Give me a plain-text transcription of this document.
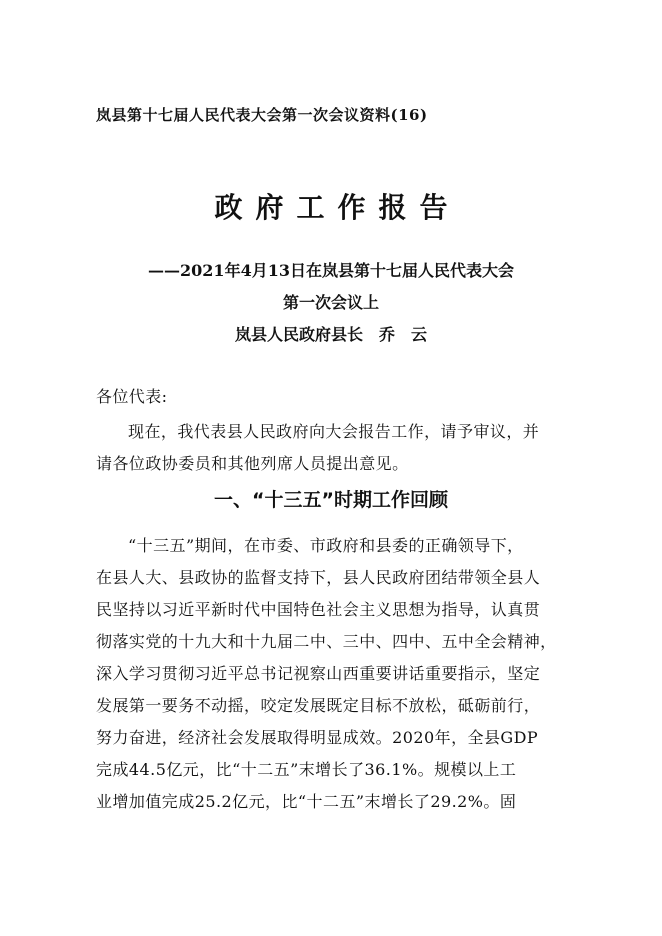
岚县第十七届人民代表大会第一次会议资料(16)
政府工作报告
——2021年4月13日在岚县第十七届人民代表大会
第一次会议上
岚县人民政府县长　乔　云
各位代表:
现在，我代表县人民政府向大会报告工作，请予审议，并
请各位政协委员和其他列席人员提出意见。
一、“十三五”时期工作回顾
“十三五”期间，在市委、市政府和县委的正确领导下，
在县人大、县政协的监督支持下，县人民政府团结带领全县人
民坚持以习近平新时代中国特色社会主义思想为指导，认真贯
彻落实党的十九大和十九届二中、三中、四中、五中全会精神，
深入学习贯彻习近平总书记视察山西重要讲话重要指示，坚定
发展第一要务不动摇，咬定发展既定目标不放松，砥砺前行，
努力奋进，经济社会发展取得明显成效。2020年，全县GDP
完成44.5亿元，比“十二五”末增长了36.1%。规模以上工
业增加值完成25.2亿元，比“十二五”末增长了29.2%。固
